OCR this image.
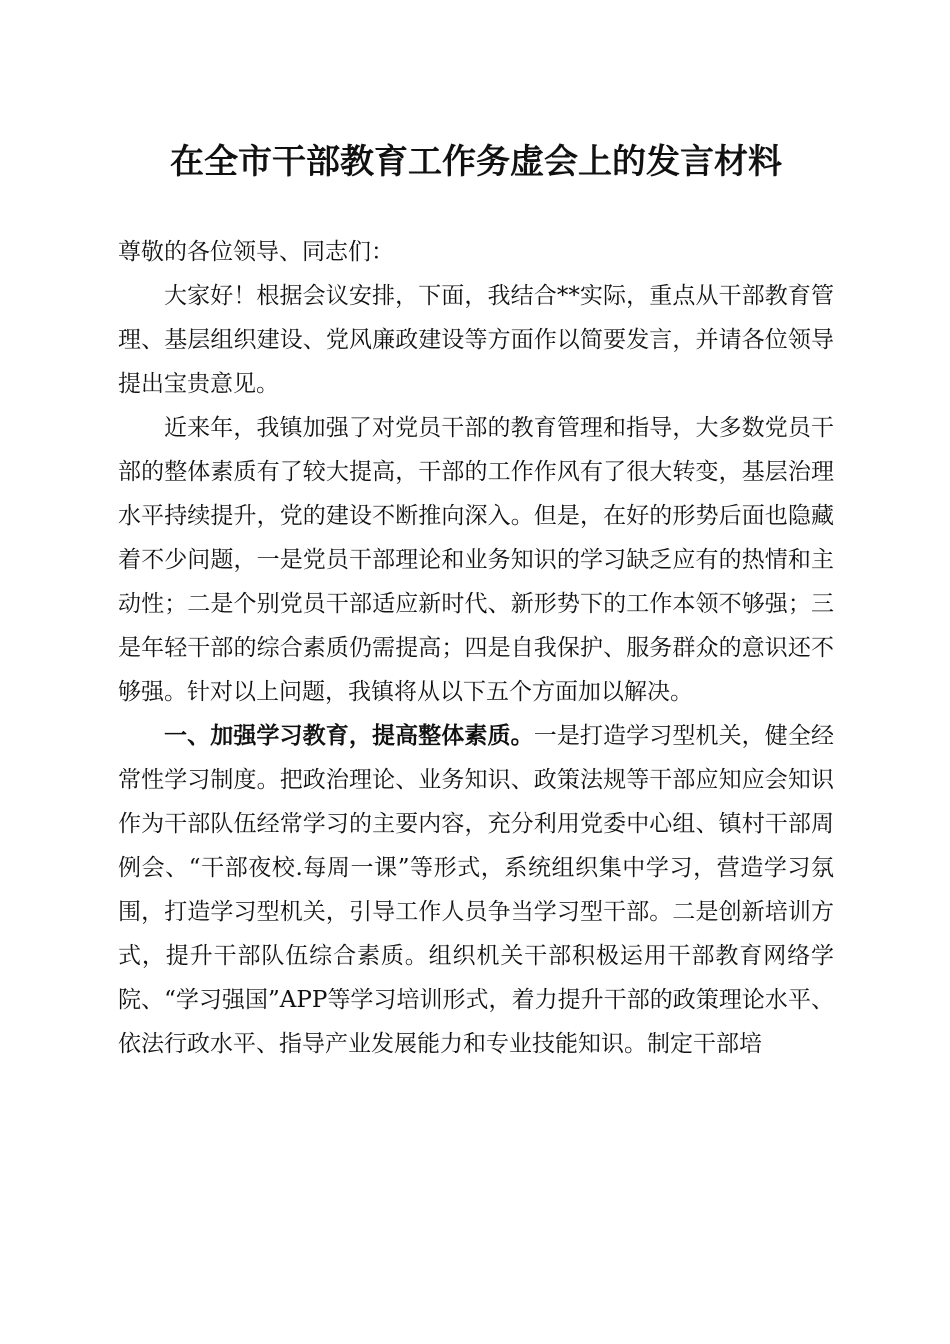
在全市干部教育工作务虚会上的发言材料

尊敬的各位领导、同志们：

大家好！根据会议安排，下面，我结合**实际，重点从干部教育管理、基层组织建设、党风廉政建设等方面作以简要发言，并请各位领导提出宝贵意见。

近来年，我镇加强了对党员干部的教育管理和指导，大多数党员干部的整体素质有了较大提高，干部的工作作风有了很大转变，基层治理水平持续提升，党的建设不断推向深入。但是，在好的形势后面也隐藏着不少问题，一是党员干部理论和业务知识的学习缺乏应有的热情和主动性；二是个别党员干部适应新时代、新形势下的工作本领不够强；三是年轻干部的综合素质仍需提高；四是自我保护、服务群众的意识还不够强。针对以上问题，我镇将从以下五个方面加以解决。

一、加强学习教育，提高整体素质。一是打造学习型机关，健全经常性学习制度。把政治理论、业务知识、政策法规等干部应知应会知识作为干部队伍经常学习的主要内容，充分利用党委中心组、镇村干部周例会、“干部夜校.每周一课”等形式，系统组织集中学习，营造学习氛围，打造学习型机关，引导工作人员争当学习型干部。二是创新培训方式，提升干部队伍综合素质。组织机关干部积极运用干部教育网络学院、“学习强国”APP等学习培训形式，着力提升干部的政策理论水平、依法行政水平、指导产业发展能力和专业技能知识。制定干部培
